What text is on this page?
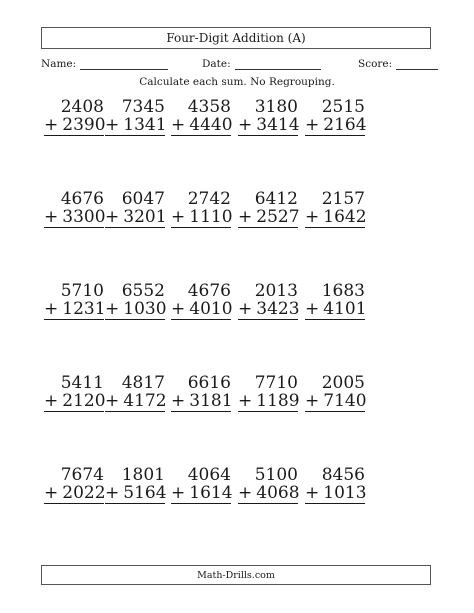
Four-Digit Addition (A)
Name:	Date:	Score:
Calculate each sum. No Regrouping.
2408
+ 2390
7345
+ 1341
4358
+ 4440
3180
+ 3414
2515
+ 2164
4676
+ 3300
6047
+ 3201
2742
+ 1110
6412
+ 2527
2157
+ 1642
5710
+ 1231
6552
+ 1030
4676
+ 4010
2013
+ 3423
1683
+ 4101
5411
+ 2120
4817
+ 4172
6616
+ 3181
7710
+ 1189
2005
+ 7140
7674
+ 2022
1801
+ 5164
4064
+ 1614
5100
+ 4068
8456
+ 1013
Math-Drills.com
